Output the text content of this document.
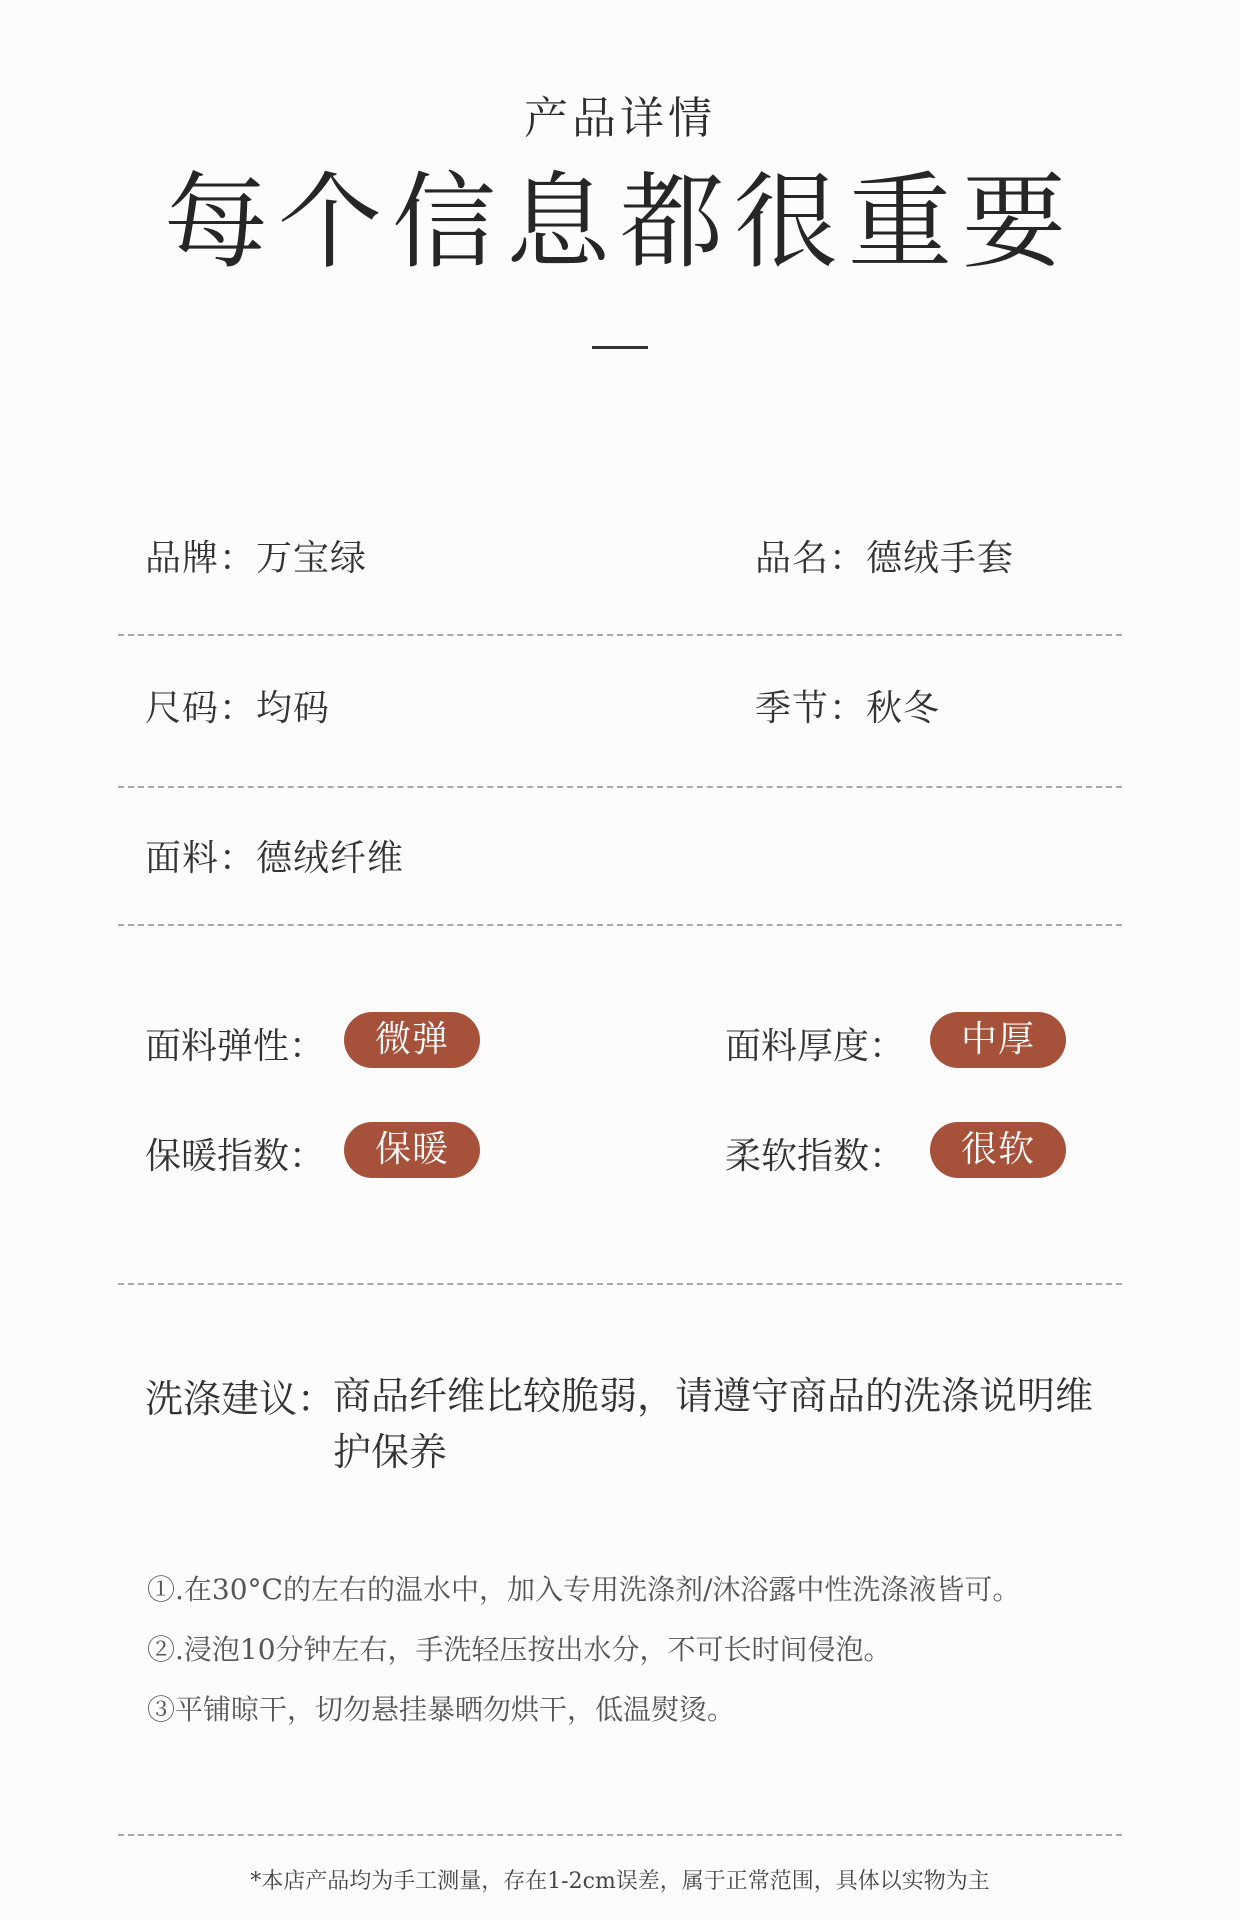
产品详情
每个信息都很重要
品牌：万宝绿	品名：德绒手套
尺码：均码	季节：秋冬
面料：德绒纤维
面料弹性：	微弹	面料厚度：	中厚
保暖指数：	保暖	柔软指数：	很软
洗涤建议：
商品纤维比较脆弱，请遵守商品的洗涤说明维护保养
①.在30°C的左右的温水中，加入专用洗涤剂/沐浴露中性洗涤液皆可。
②.浸泡10分钟左右，手洗轻压按出水分，不可长时间侵泡。
③平铺晾干，切勿悬挂暴晒勿烘干，低温熨烫。
*本店产品均为手工测量，存在1-2cm误差，属于正常范围，具体以实物为主
